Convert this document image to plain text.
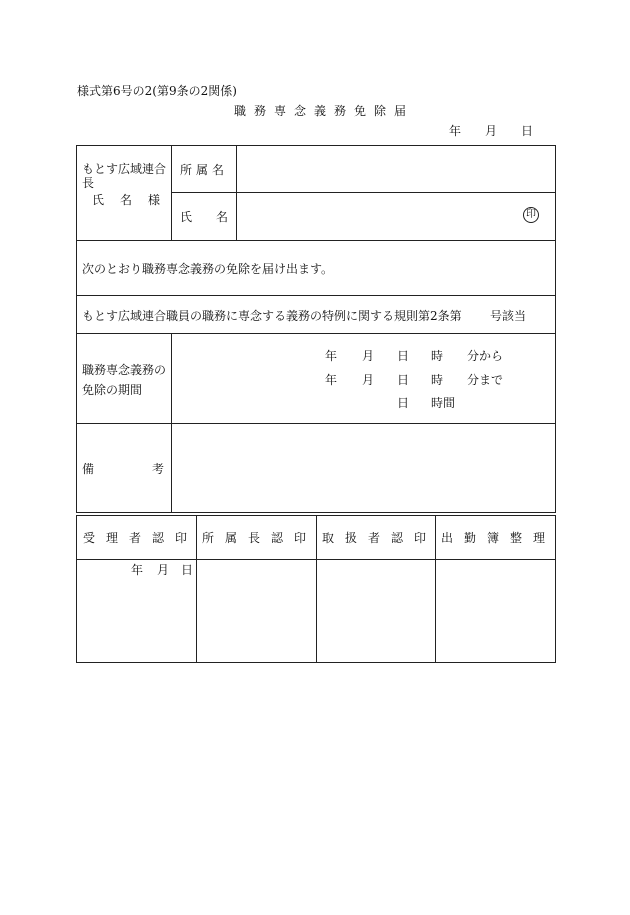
様式第6号の2(第9条の2関係)
職務専念義務免除届
年 月 日
もとす広域連合長
氏　名　様
所属名
氏　　名	印
次のとおり職務専念義務の免除を届け出ます。
もとす広域連合職員の職務に専念する義務の特例に関する規則第2条第 号該当
職務専念義務の免除の期間
年 月 日 時 分から
年 月 日 時 分まで
日 時間
備	考
受理者認印 所属長認印 取扱者認印 出勤簿整理
年 月 日
